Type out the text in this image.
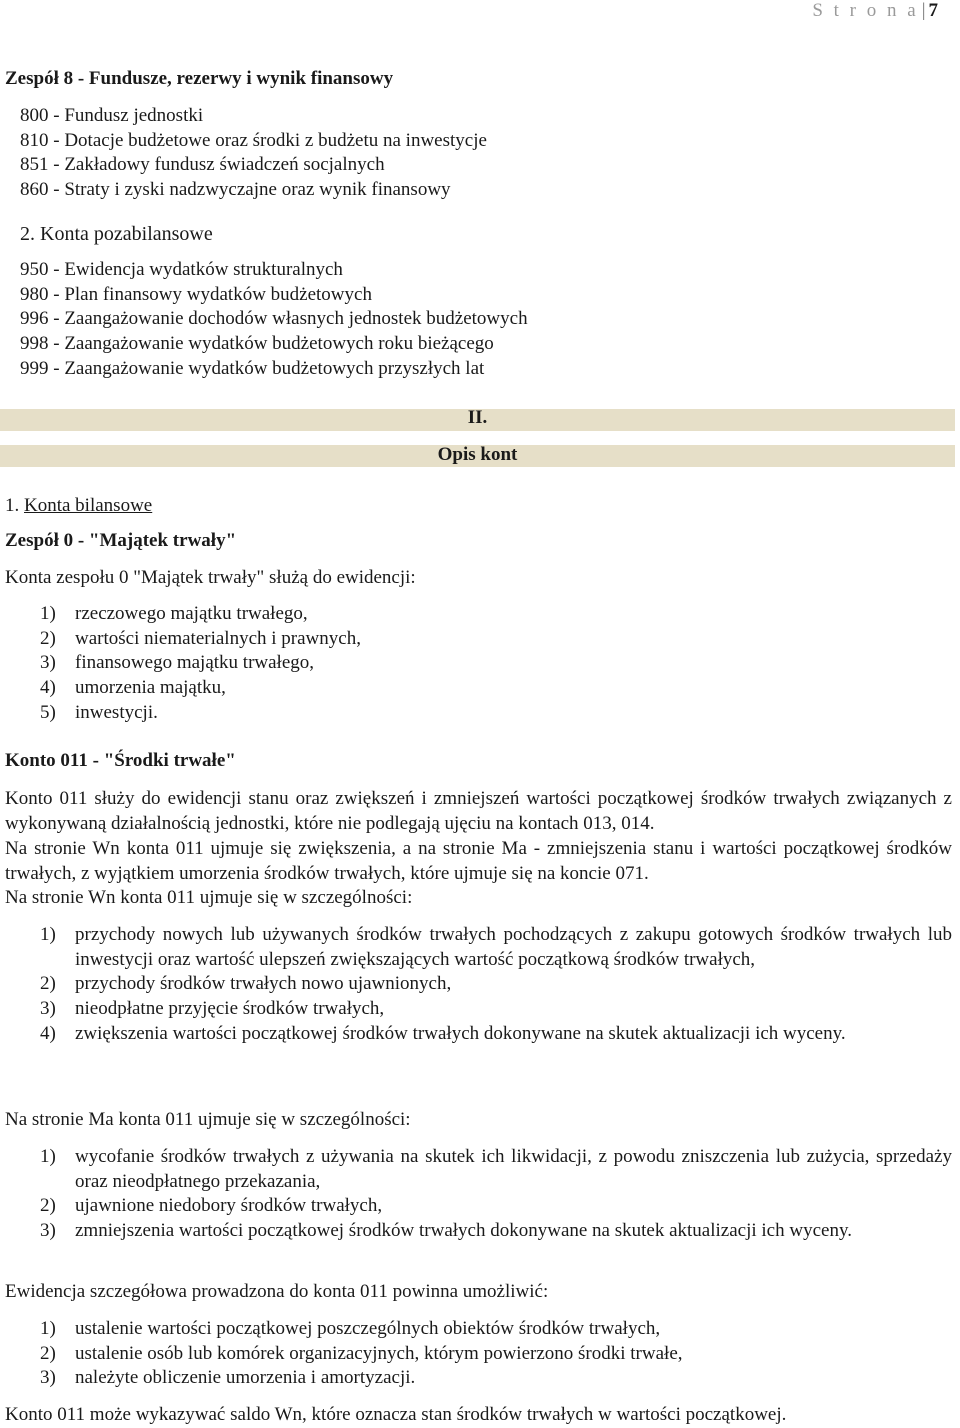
S t r o n a | 7
Zespół 8 - Fundusze, rezerwy i wynik finansowy
800 - Fundusz jednostki
810 - Dotacje budżetowe oraz środki z budżetu na inwestycje
851 - Zakładowy fundusz świadczeń socjalnych
860 - Straty i zyski nadzwyczajne oraz wynik finansowy
2. Konta pozabilansowe
950 - Ewidencja wydatków strukturalnych
980 - Plan finansowy wydatków budżetowych
996 - Zaangażowanie dochodów własnych jednostek budżetowych
998 - Zaangażowanie wydatków budżetowych roku bieżącego
999 - Zaangażowanie wydatków budżetowych przyszłych lat
II.
Opis kont
1. Konta bilansowe
Zespół 0 - "Majątek trwały"
Konta zespołu 0 "Majątek trwały" służą do ewidencji:
1) rzeczowego majątku trwałego,
2) wartości niematerialnych i prawnych,
3) finansowego majątku trwałego,
4) umorzenia majątku,
5) inwestycji.
Konto 011 - "Środki trwałe"

Konto 011 służy do ewidencji stanu oraz zwiększeń i zmniejszeń wartości początkowej środków trwałych związanych z wykonywaną działalnością jednostki, które nie podlegają ujęciu na kontach 013, 014.

Na stronie Wn konta 011 ujmuje się zwiększenia, a na stronie Ma - zmniejszenia stanu i wartości początkowej środków trwałych, z wyjątkiem umorzenia środków trwałych, które ujmuje się na koncie 071.

Na stronie Wn konta 011 ujmuje się w szczególności:
1) przychody nowych lub używanych środków trwałych pochodzących z zakupu gotowych środków trwałych lub inwestycji oraz wartość ulepszeń zwiększających wartość początkową środków trwałych,
2) przychody środków trwałych nowo ujawnionych,
3) nieodpłatne przyjęcie środków trwałych,
4) zwiększenia wartości początkowej środków trwałych dokonywane na skutek aktualizacji ich wyceny.
Na stronie Ma konta 011 ujmuje się w szczególności:
1) wycofanie środków trwałych z używania na skutek ich likwidacji, z powodu zniszczenia lub zużycia, sprzedaży oraz nieodpłatnego przekazania,
2) ujawnione niedobory środków trwałych,
3) zmniejszenia wartości początkowej środków trwałych dokonywane na skutek aktualizacji ich wyceny.
Ewidencja szczegółowa prowadzona do konta 011 powinna umożliwić:
1) ustalenie wartości początkowej poszczególnych obiektów środków trwałych,
2) ustalenie osób lub komórek organizacyjnych, którym powierzono środki trwałe,
3) należyte obliczenie umorzenia i amortyzacji.
Konto 011 może wykazywać saldo Wn, które oznacza stan środków trwałych w wartości początkowej.
